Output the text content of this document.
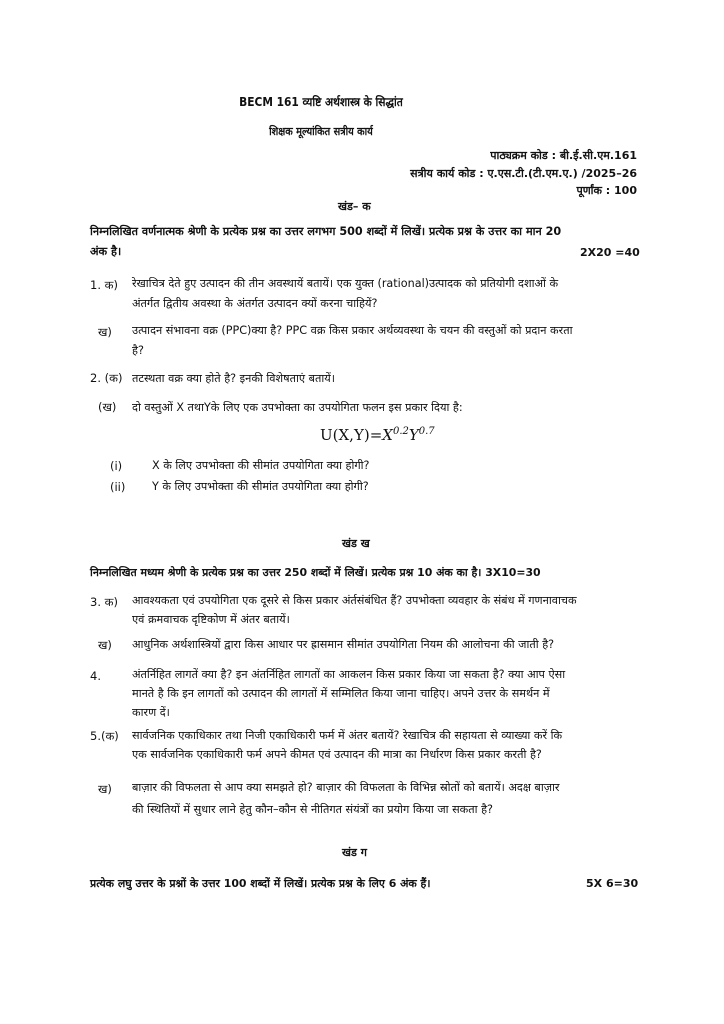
BECM 161 व्यष्टि अर्थशास्त्र के सिद्धांत
शिक्षक मूल्यांकित सत्रीय कार्य
पाठ्यक्रम कोड : बी.ई.सी.एम.161
सत्रीय कार्य कोड : ए.एस.टी.(टी.एम.ए.) /2025–26
पूर्णांक : 100
खंड– क
निम्नलिखित वर्णनात्मक श्रेणी के प्रत्येक प्रश्न का उत्तर लगभग 500 शब्दों में लिखें। प्रत्येक प्रश्न के उत्तर का मान 20
अंक है।	2X20 =40
1. क) रेखाचित्र देते हुए उत्पादन की तीन अवस्थायें बतायें। एक युक्त (rational)उत्पादक को प्रतियोगी दशाओं के
अंतर्गत द्वितीय अवस्था के अंतर्गत उत्पादन क्यों करना चाहियें?
ख) उत्पादन संभावना वक्र (PPC)क्या है? PPC वक्र किस प्रकार अर्थव्यवस्था के चयन की वस्तुओं को प्रदान करता
है?
2. (क) तटस्थता वक्र क्या होते है? इनकी विशेषताएं बतायें।
(ख) दो वस्तुओं X तथाYके लिए एक उपभोक्ता का उपयोगिता फलन इस प्रकार दिया है:
$U(X,Y)=X^{0.2}Y^{0.7}$
(i)	X के लिए उपभोक्ता की सीमांत उपयोगिता क्या होगी?
(ii) Y के लिए उपभोक्ता की सीमांत उपयोगिता क्या होगी?
खंड ख
निम्नलिखित मध्यम श्रेणी के प्रत्येक प्रश्न का उत्तर 250 शब्दों में लिखें। प्रत्येक प्रश्न 10 अंक का है। 3X10=30
3. क) आवश्यकता एवं उपयोगिता एक दूसरे से किस प्रकार अंर्तसंबंधित हैं? उपभोक्ता व्यवहार के संबंध में गणनावाचक
एवं क्रमवाचक दृष्टिकोण में अंतर बतायें।
ख) आधुनिक अर्थशास्त्रियों द्वारा किस आधार पर ह्रासमान सीमांत उपयोगिता नियम की आलोचना की जाती है?
4.	अंतर्निहित लागतें क्या है? इन अंतर्निहित लागतों का आकलन किस प्रकार किया जा सकता है? क्या आप ऐसा
मानते है कि इन लागतों को उत्पादन की लागतों में सम्मिलित किया जाना चाहिए। अपने उत्तर के समर्थन में
कारण दें।
5.(क) सार्वजनिक एकाधिकार तथा निजी एकाधिकारी फर्म में अंतर बतायें? रेखाचित्र की सहायता से व्याख्या करें कि
एक सार्वजनिक एकाधिकारी फर्म अपने कीमत एवं उत्पादन की मात्रा का निर्धारण किस प्रकार करती है?
ख) बाज़ार की विफलता से आप क्या समझते हो? बाज़ार की विफलता के विभिन्न स्रोतों को बतायें। अदक्ष बाज़ार
की स्थितियों में सुधार लाने हेतु कौन–कौन से नीतिगत संयंत्रों का प्रयोग किया जा सकता है?
खंड ग
प्रत्येक लघु उत्तर के प्रश्नों के उत्तर 100 शब्दों में लिखें। प्रत्येक प्रश्न के लिए 6 अंक हैं।	5X 6=30
